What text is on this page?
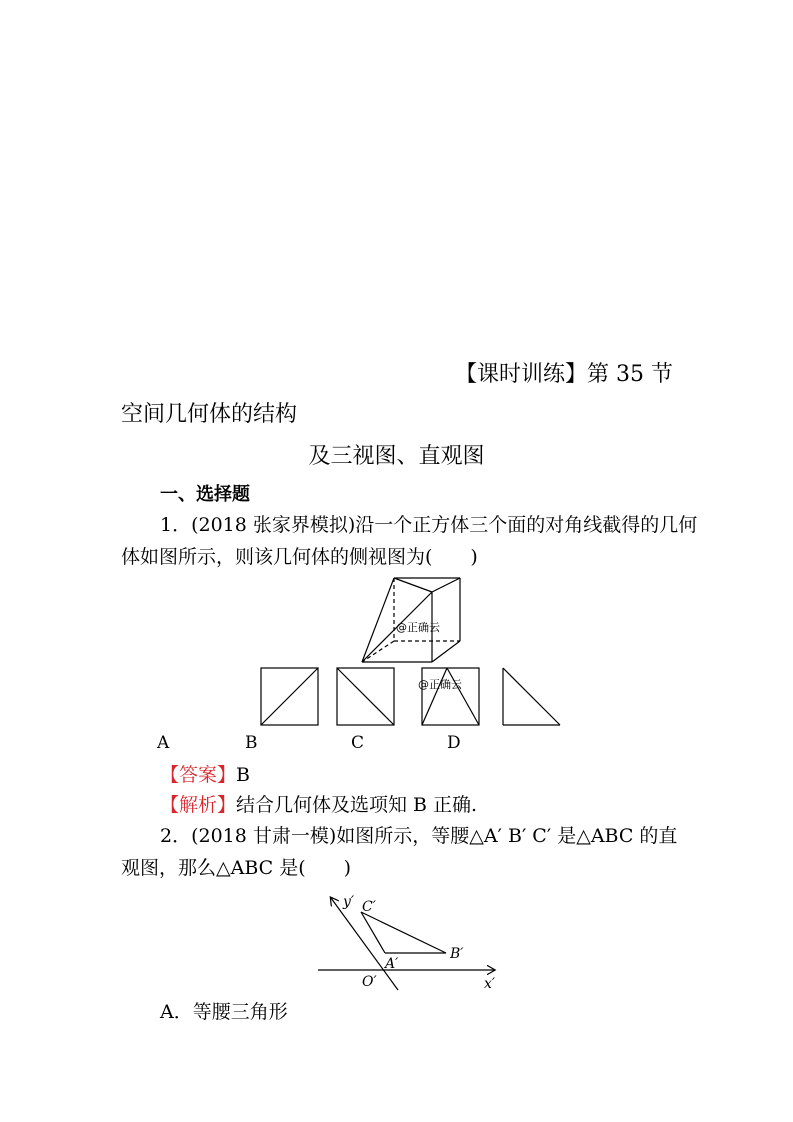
【课时训练】第 35 节
空间几何体的结构
及三视图、直观图
一、选择题
1．(2018 张家界模拟)沿一个正方体三个面的对角线截得的几何
体如图所示，则该几何体的侧视图为(　　)
@正确云
@正确云
A	B	C	D
【答案】B
【解析】结合几何体及选项知 B 正确.
2．(2018 甘肃一模)如图所示，等腰△A′ B′ C′ 是△ABC 的直
观图，那么△ABC 是(　　)
y′ C′
B′
A′
O′	x′
A．等腰三角形
